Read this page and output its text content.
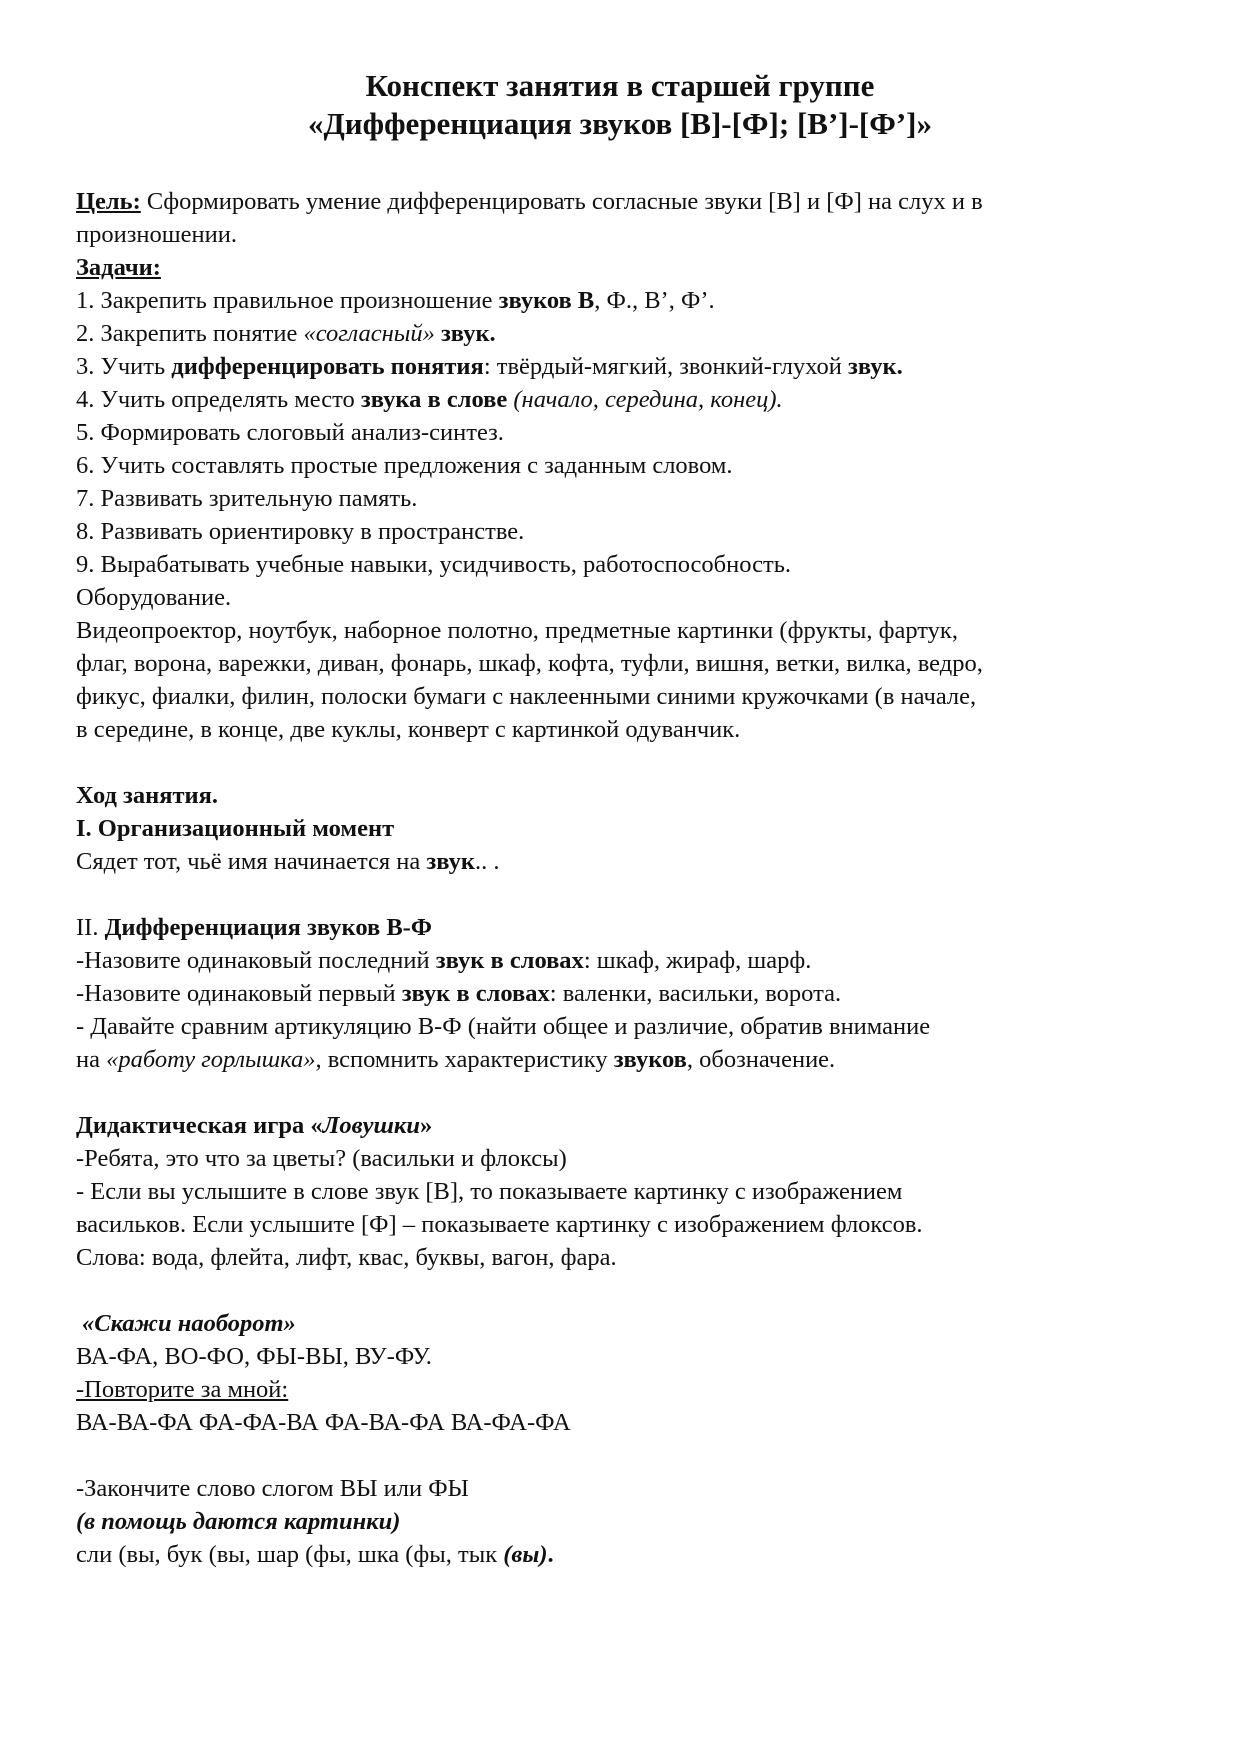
Конспект занятия в старшей группе
«Дифференциация звуков [В]-[Ф]; [В’]-[Ф’]»
Цель: Сформировать умение дифференцировать согласные звуки [В] и [Ф] на слух и в
произношении.
Задачи:
1. Закрепить правильное произношение звуков В, Ф., В’, Ф’.
2. Закрепить понятие «согласный» звук.
3. Учить дифференцировать понятия: твёрдый-мягкий, звонкий-глухой звук.
4. Учить определять место звука в слове (начало, середина, конец).
5. Формировать слоговый анализ-синтез.
6. Учить составлять простые предложения с заданным словом.
7. Развивать зрительную память.
8. Развивать ориентировку в пространстве.
9. Вырабатывать учебные навыки, усидчивость, работоспособность.
Оборудование.
Видеопроектор, ноутбук, наборное полотно, предметные картинки (фрукты, фартук,
флаг, ворона, варежки, диван, фонарь, шкаф, кофта, туфли, вишня, ветки, вилка, ведро,
фикус, фиалки, филин, полоски бумаги с наклеенными синими кружочками (в начале,
в середине, в конце, две куклы, конверт с картинкой одуванчик.
Ход занятия.
I. Организационный момент
Сядет тот, чьё имя начинается на звук.. .
II. Дифференциация звуков В-Ф
-Назовите одинаковый последний звук в словах: шкаф, жираф, шарф.
-Назовите одинаковый первый звук в словах: валенки, васильки, ворота.
- Давайте сравним артикуляцию В-Ф (найти общее и различие, обратив внимание
на «работу горлышка», вспомнить характеристику звуков, обозначение.
Дидактическая игра «Ловушки»
-Ребята, это что за цветы? (васильки и флоксы)
- Если вы услышите в слове звук [В], то показываете картинку с изображением
васильков. Если услышите [Ф] – показываете картинку с изображением флоксов.
Слова: вода, флейта, лифт, квас, буквы, вагон, фара.
«Скажи наоборот»
ВА-ФА, ВО-ФО, ФЫ-ВЫ, ВУ-ФУ.
-Повторите за мной:
ВА-ВА-ФА ФА-ФА-ВА ФА-ВА-ФА ВА-ФА-ФА
-Закончите слово слогом ВЫ или ФЫ
(в помощь даются картинки)
сли (вы, бук (вы, шар (фы, шка (фы, тык (вы).
